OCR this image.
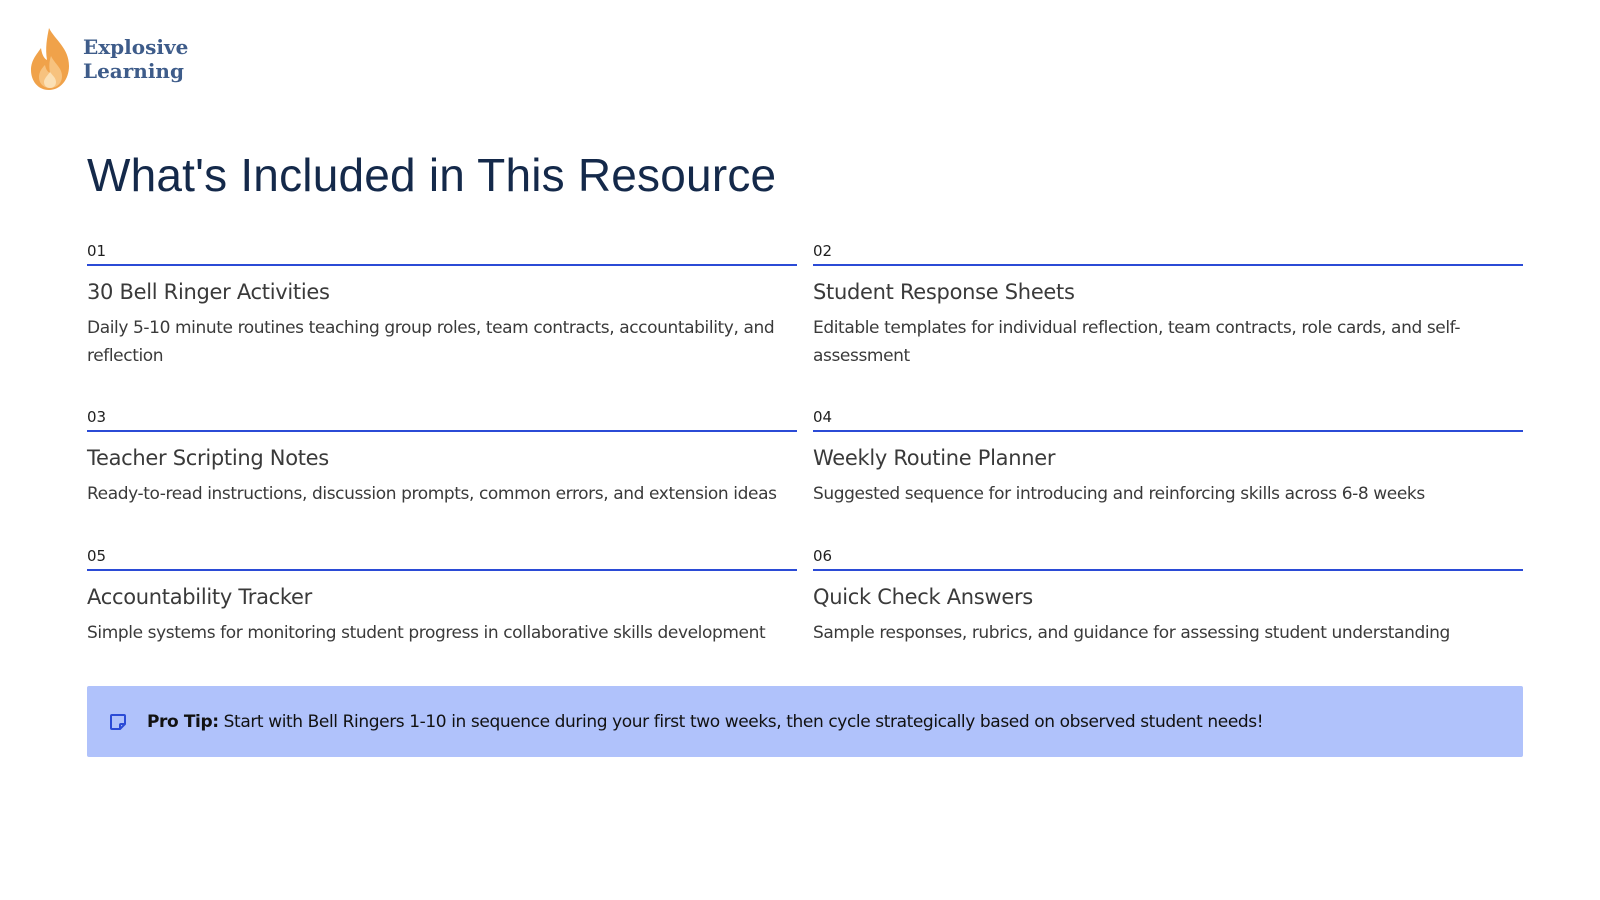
Explosive
Learning
What's Included in This Resource
01
30 Bell Ringer Activities
Daily 5-10 minute routines teaching group roles, team contracts, accountability, and reflection
02
Student Response Sheets
Editable templates for individual reflection, team contracts, role cards, and self-assessment
03
Teacher Scripting Notes
Ready-to-read instructions, discussion prompts, common errors, and extension ideas
04
Weekly Routine Planner
Suggested sequence for introducing and reinforcing skills across 6-8 weeks
05
Accountability Tracker
Simple systems for monitoring student progress in collaborative skills development
06
Quick Check Answers
Sample responses, rubrics, and guidance for assessing student understanding
Pro Tip: Start with Bell Ringers 1-10 in sequence during your first two weeks, then cycle strategically based on observed student needs!
